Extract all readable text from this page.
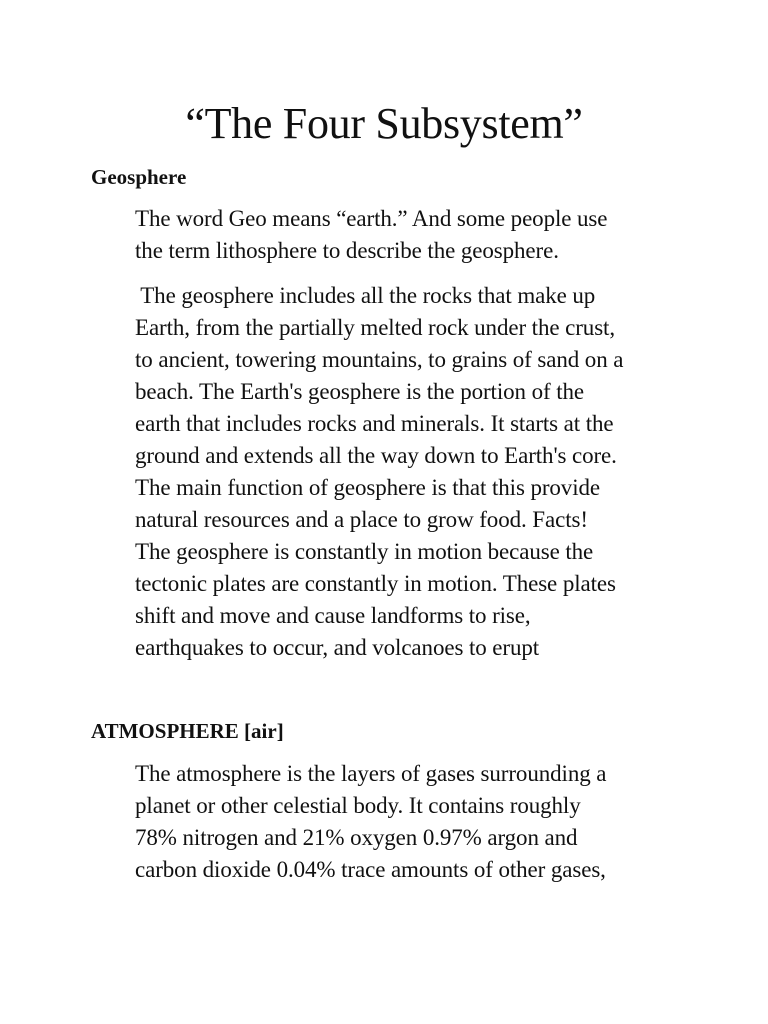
“The Four Subsystem”
Geosphere

The word Geo means “earth.” And some people use
the term lithosphere to describe the geosphere.

The geosphere includes all the rocks that make up
Earth, from the partially melted rock under the crust,
to ancient, towering mountains, to grains of sand on a
beach. The Earth's geosphere is the portion of the
earth that includes rocks and minerals. It starts at the
ground and extends all the way down to Earth's core.
The main function of geosphere is that this provide
natural resources and a place to grow food. Facts!
The geosphere is constantly in motion because the
tectonic plates are constantly in motion. These plates
shift and move and cause landforms to rise,
earthquakes to occur, and volcanoes to erupt

ATMOSPHERE [air]

The atmosphere is the layers of gases surrounding a
planet or other celestial body. It contains roughly
78% nitrogen and 21% oxygen 0.97% argon and
carbon dioxide 0.04% trace amounts of other gases,
